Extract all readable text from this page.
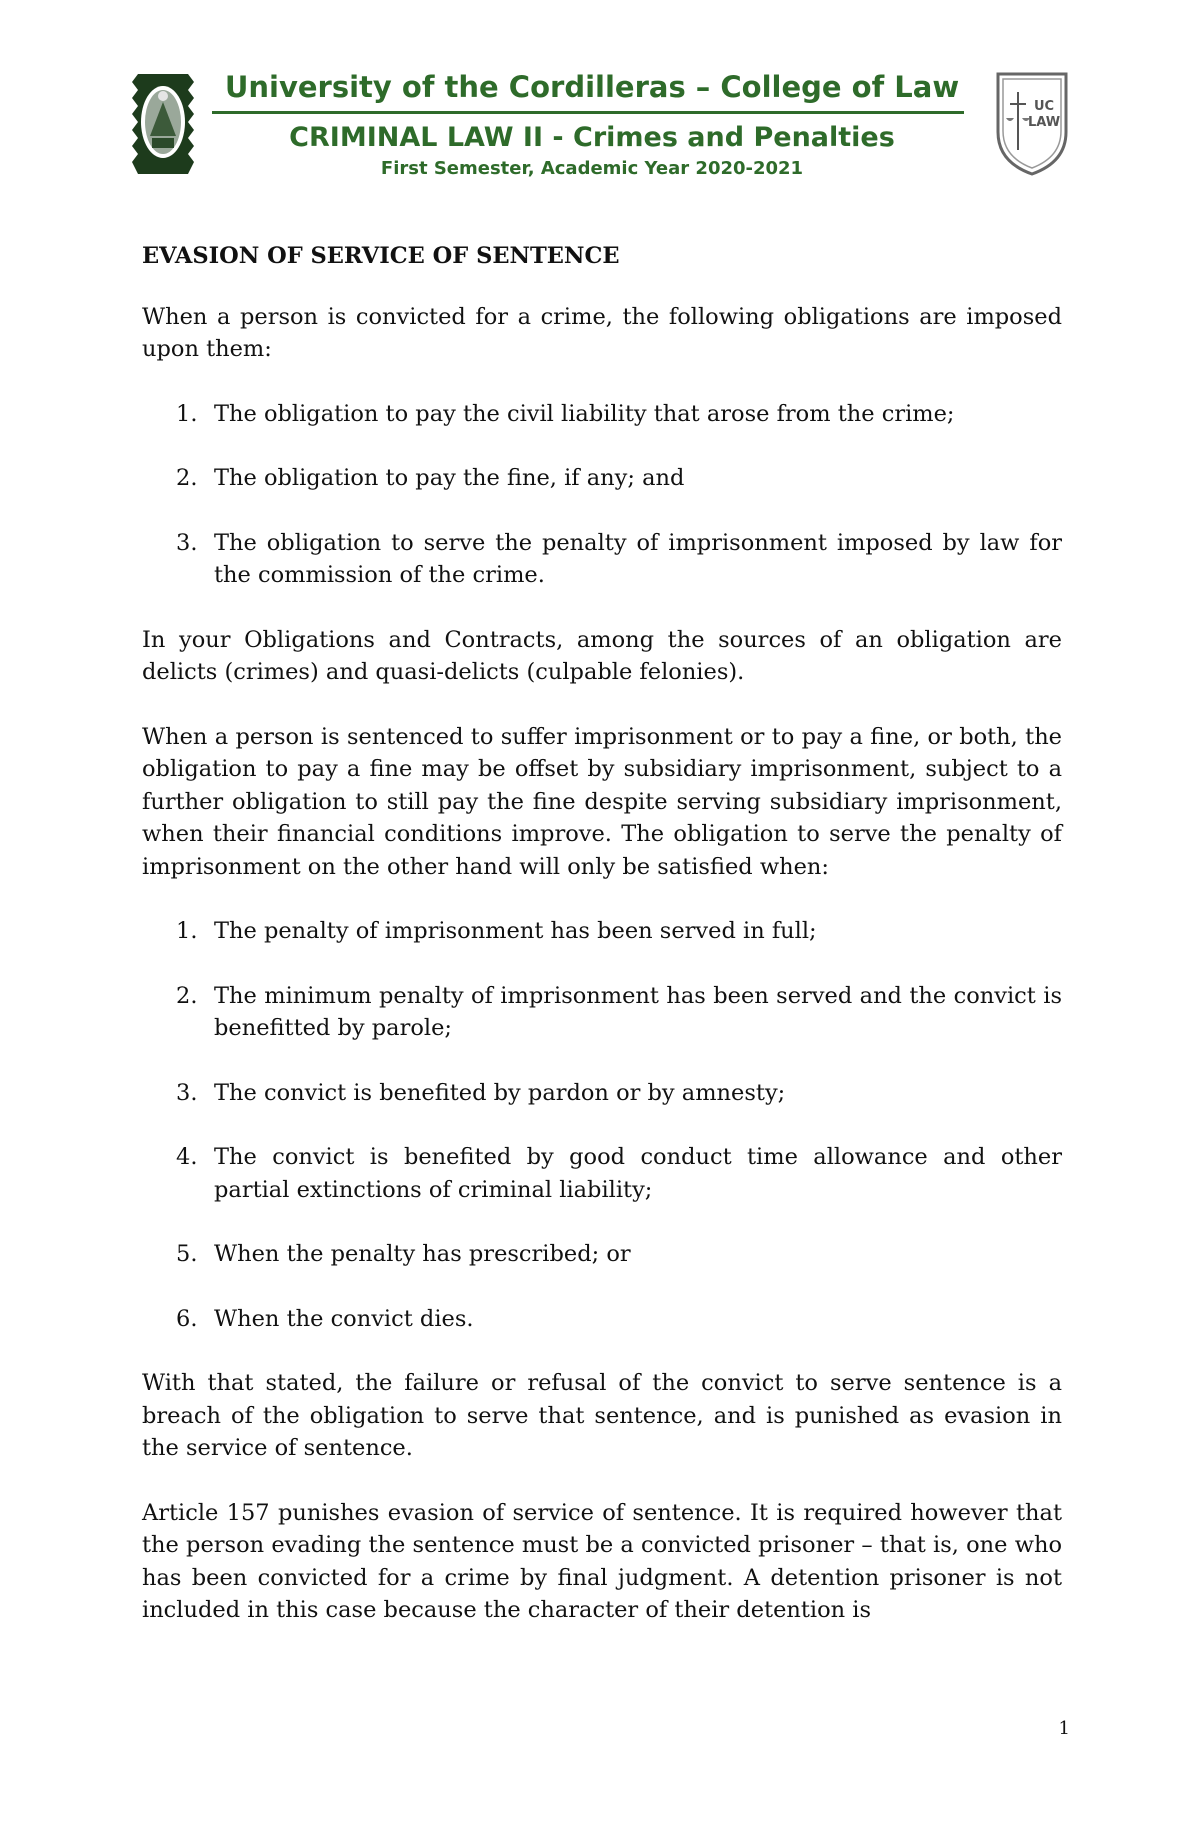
University of the Cordilleras – College of Law
CRIMINAL LAW II - Crimes and Penalties
First Semester, Academic Year 2020-2021
UC
LAW
EVASION OF SERVICE OF SENTENCE

When a person is convicted for a crime, the following obligations are imposed upon them:

1. The obligation to pay the civil liability that arose from the crime;
2. The obligation to pay the fine, if any; and
3. The obligation to serve the penalty of imprisonment imposed by law for the commission of the crime.

In your Obligations and Contracts, among the sources of an obligation are delicts (crimes) and quasi-delicts (culpable felonies).

When a person is sentenced to suffer imprisonment or to pay a fine, or both, the obligation to pay a fine may be offset by subsidiary imprisonment, subject to a further obligation to still pay the fine despite serving subsidiary imprisonment, when their financial conditions improve. The obligation to serve the penalty of imprisonment on the other hand will only be satisfied when:

1. The penalty of imprisonment has been served in full;
2. The minimum penalty of imprisonment has been served and the convict is benefitted by parole;
3. The convict is benefited by pardon or by amnesty;
4. The convict is benefited by good conduct time allowance and other partial extinctions of criminal liability;
5. When the penalty has prescribed; or
6. When the convict dies.

With that stated, the failure or refusal of the convict to serve sentence is a breach of the obligation to serve that sentence, and is punished as evasion in the service of sentence.

Article 157 punishes evasion of service of sentence. It is required however that the person evading the sentence must be a convicted prisoner – that is, one who has been convicted for a crime by final judgment. A detention prisoner is not included in this case because the character of their detention is

1
